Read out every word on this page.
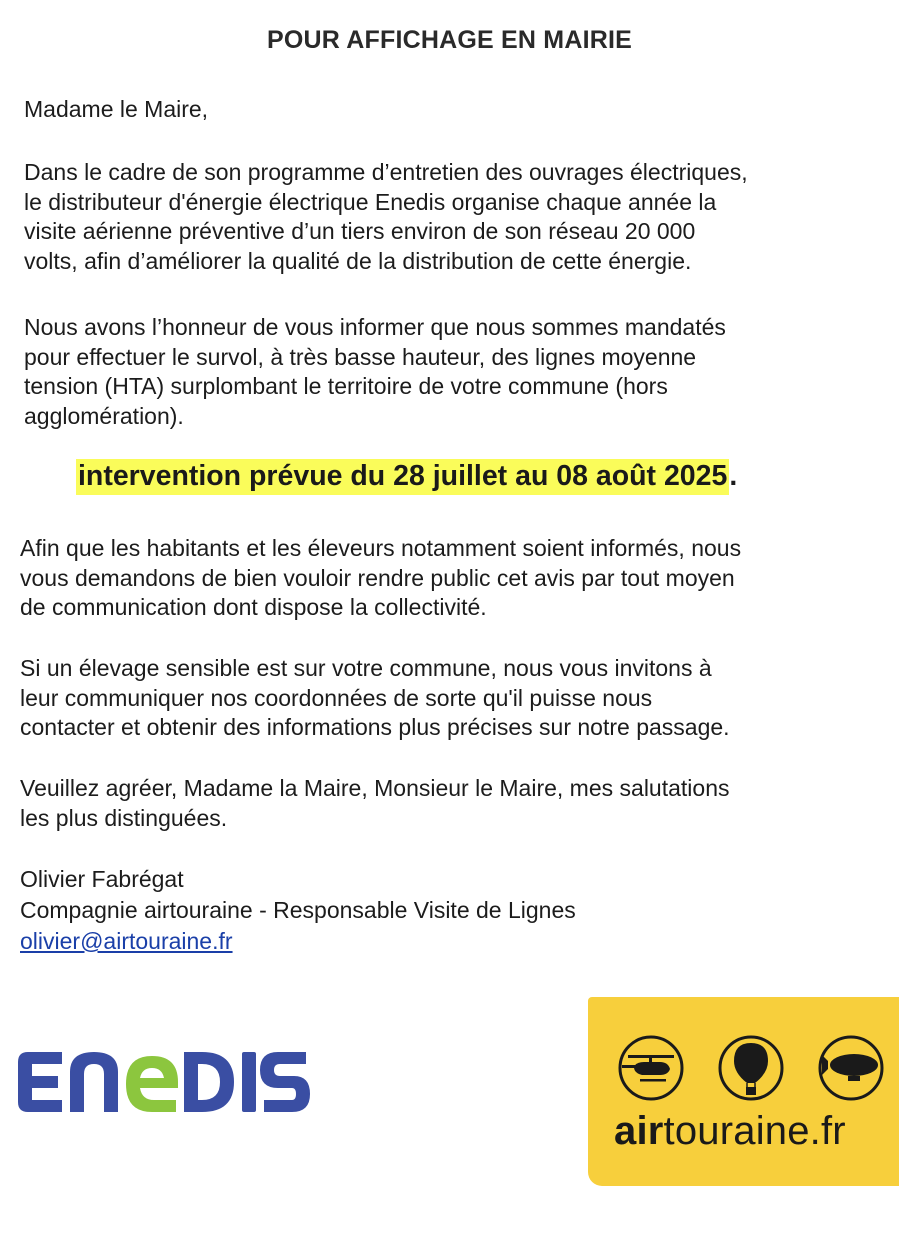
POUR AFFICHAGE EN MAIRIE
Madame le Maire,
Dans le cadre de son programme d’entretien des ouvrages électriques,
le distributeur d'énergie électrique Enedis organise chaque année la
visite aérienne préventive d’un tiers environ de son réseau 20 000
volts, afin d’améliorer la qualité de la distribution de cette énergie.
Nous avons l’honneur de vous informer que nous sommes mandatés
pour effectuer le survol, à très basse hauteur, des lignes moyenne
tension (HTA) surplombant le territoire de votre commune (hors
agglomération).
intervention prévue du 28 juillet au 08 août 2025.
Afin que les habitants et les éleveurs notamment soient informés, nous
vous demandons de bien vouloir rendre public cet avis par tout moyen
de communication dont dispose la collectivité.
Si un élevage sensible est sur votre commune, nous vous invitons à
leur communiquer nos coordonnées de sorte qu'il puisse nous
contacter et obtenir des informations plus précises sur notre passage.
Veuillez agréer, Madame la Maire, Monsieur le Maire, mes salutations
les plus distinguées.
Olivier Fabrégat
Compagnie airtouraine - Responsable Visite de Lignes
olivier@airtouraine.fr
airtouraine.fr
